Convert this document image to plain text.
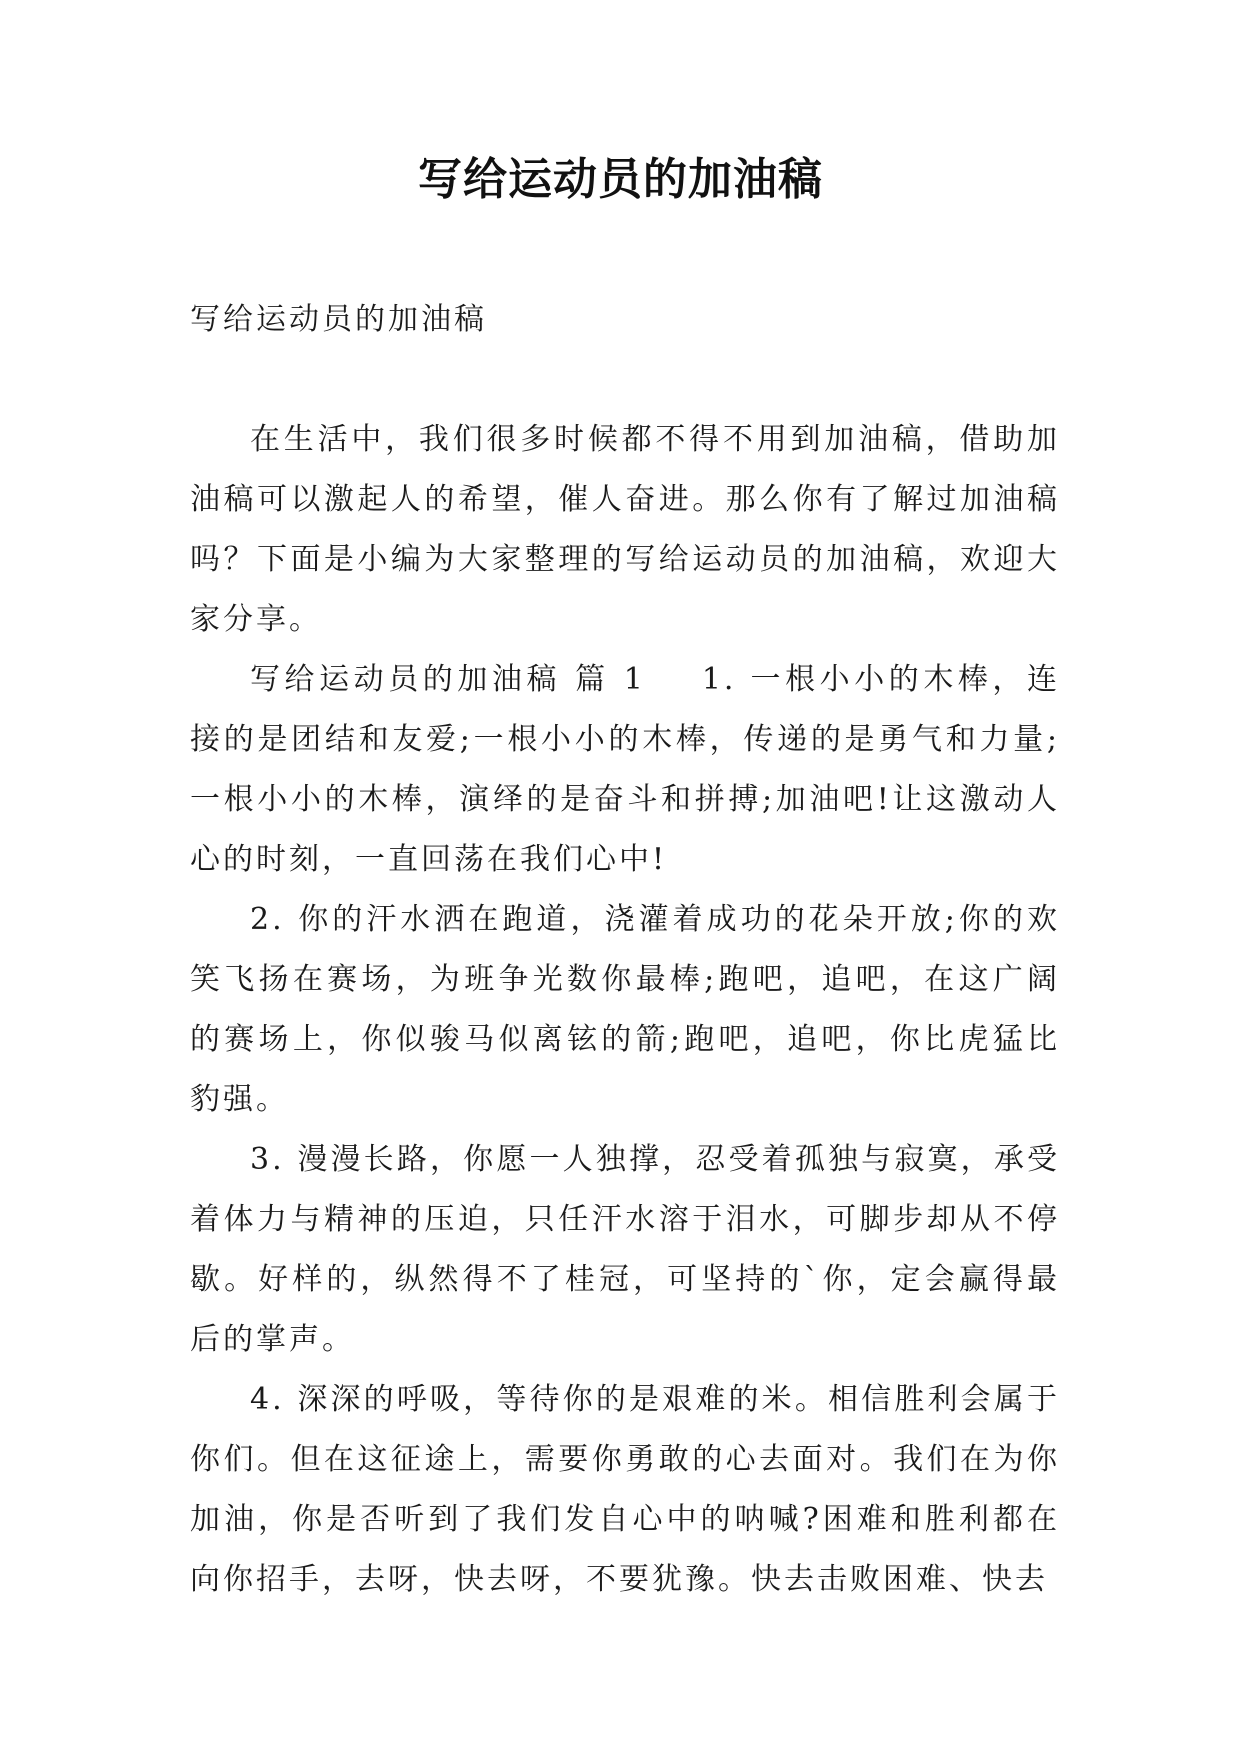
写给运动员的加油稿

写给运动员的加油稿

在生活中，我们很多时候都不得不用到加油稿，借助加油稿可以激起人的希望，催人奋进。那么你有了解过加油稿吗？下面是小编为大家整理的写给运动员的加油稿，欢迎大家分享。

写给运动员的加油稿 篇 1 1. 一根小小的木棒，连接的是团结和友爱;一根小小的木棒，传递的是勇气和力量;一根小小的木棒，演绎的是奋斗和拼搏;加油吧!让这激动人心的时刻，一直回荡在我们心中!

2. 你的汗水洒在跑道，浇灌着成功的花朵开放;你的欢笑飞扬在赛场，为班争光数你最棒;跑吧，追吧，在这广阔的赛场上，你似骏马似离铉的箭;跑吧，追吧，你比虎猛比豹强。

3. 漫漫长路，你愿一人独撑，忍受着孤独与寂寞，承受着体力与精神的压迫，只任汗水溶于泪水，可脚步却从不停歇。好样的，纵然得不了桂冠，可坚持的`你，定会赢得最后的掌声。

4. 深深的呼吸，等待你的是艰难的米。相信胜利会属于你们。但在这征途上，需要你勇敢的心去面对。我们在为你加油，你是否听到了我们发自心中的呐喊?困难和胜利都在向你招手，去呀，快去呀，不要犹豫。快去击败困难、快去
